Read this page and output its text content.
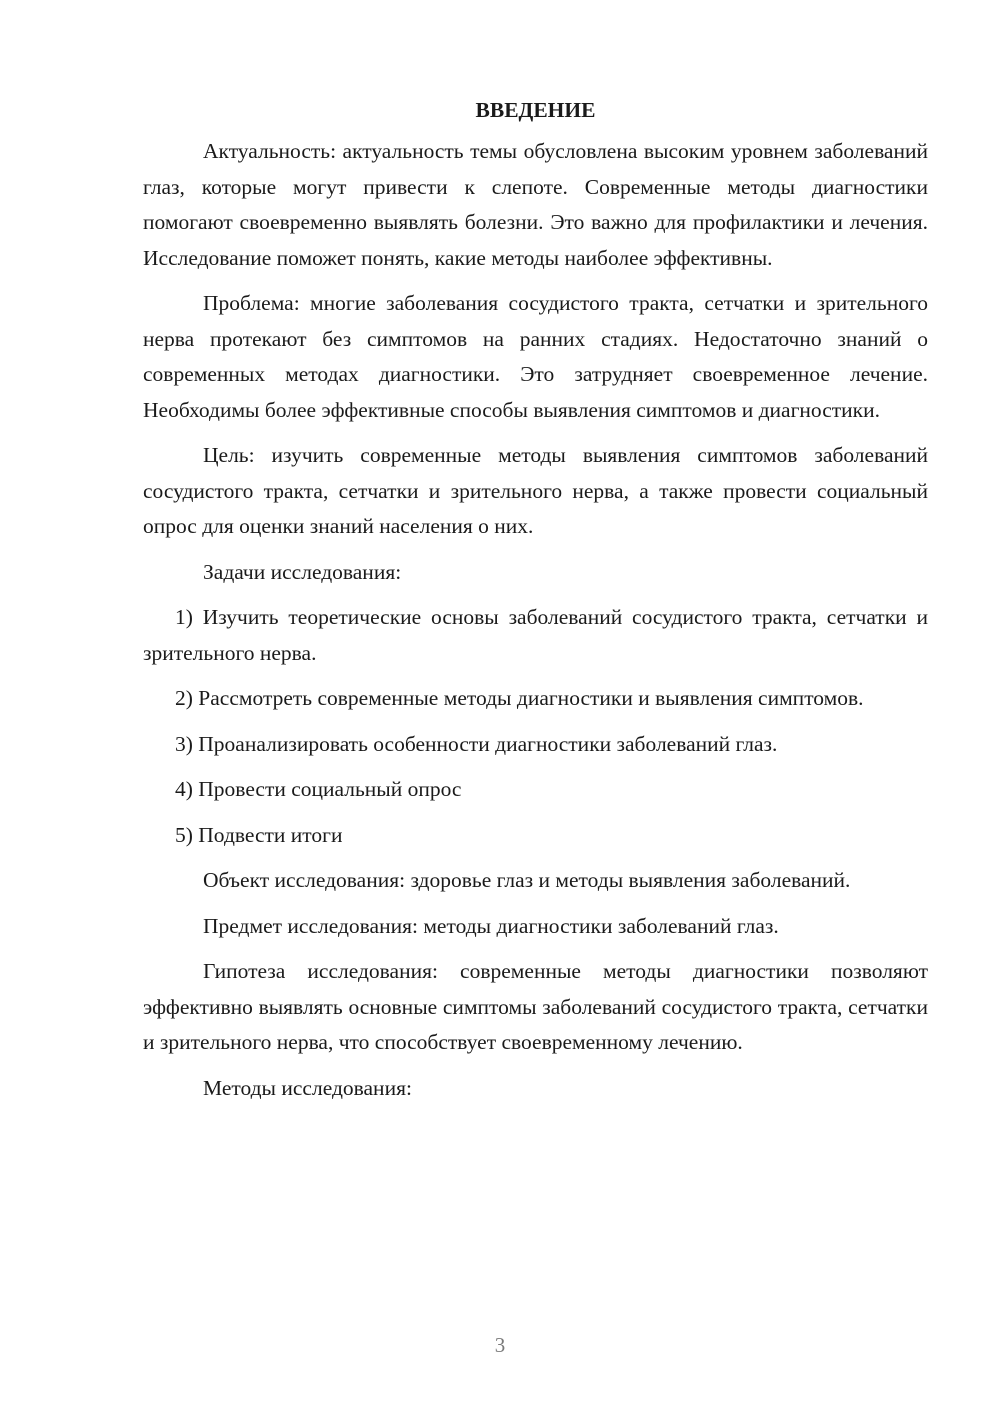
ВВЕДЕНИЕ

Актуальность: актуальность темы обусловлена высоким уровнем заболеваний глаз, которые могут привести к слепоте. Современные методы диагностики помогают своевременно выявлять болезни. Это важно для профилактики и лечения. Исследование поможет понять, какие методы наиболее эффективны.

Проблема: многие заболевания сосудистого тракта, сетчатки и зрительного нерва протекают без симптомов на ранних стадиях. Недостаточно знаний о современных методах диагностики. Это затрудняет своевременное лечение. Необходимы более эффективные способы выявления симптомов и диагностики.

Цель: изучить современные методы выявления симптомов заболеваний сосудистого тракта, сетчатки и зрительного нерва, а также провести социальный опрос для оценки знаний населения о них.

Задачи исследования:

1) Изучить теоретические основы заболеваний сосудистого тракта, сетчатки и зрительного нерва.

2) Рассмотреть современные методы диагностики и выявления симптомов.

3) Проанализировать особенности диагностики заболеваний глаз.

4) Провести социальный опрос

5) Подвести итоги

Объект исследования: здоровье глаз и методы выявления заболеваний.

Предмет исследования: методы диагностики заболеваний глаз.

Гипотеза исследования: современные методы диагностики позволяют эффективно выявлять основные симптомы заболеваний сосудистого тракта, сетчатки и зрительного нерва, что способствует своевременному лечению.

Методы исследования:

3
